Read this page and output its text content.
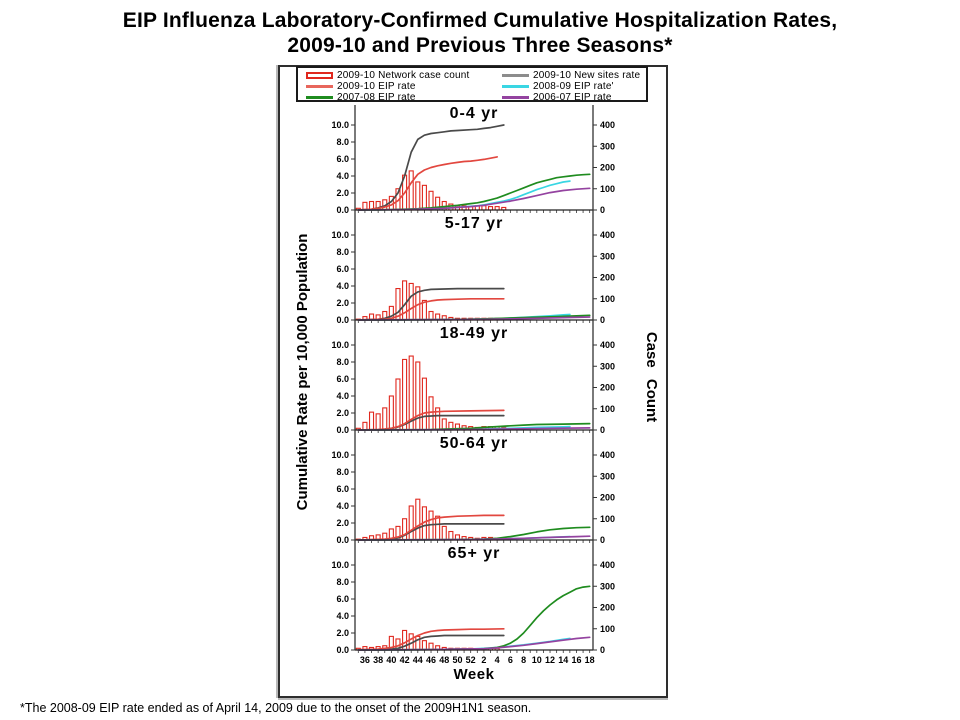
EIP Influenza Laboratory-Confirmed Cumulative Hospitalization Rates,
2009-10 and Previous Three Seasons*
2009-10 Network case count	2009-10 New sites rate
2009-10 EIP rate	2008-09 EIP rate'
2007-08 EIP rate	2006-07 EIP rate
0.0
2.0
4.0
6.0
8.0
10.0
0
100
200
300
400
0-4 yr
0.0
2.0
4.0
6.0
8.0
10.0
0
100
200
300
400
5-17 yr
0.0
2.0
4.0
6.0
8.0
10.0
0
100
200
300
400
18-49 yr
0.0
2.0
4.0
6.0
8.0
10.0
0
100
200
300
400
50-64 yr
0.0
2.0
4.0
6.0
8.0
10.0
0
100
200
300
400
65+ yr
36 38 40 42 44 46 48 50 52 2 4 6 8 10 12 14 16 18
Cumulative Rate per 10,000 Population	Case Count
Week
*The 2008-09 EIP rate ended as of April 14, 2009 due to the onset of the 2009H1N1 season.
